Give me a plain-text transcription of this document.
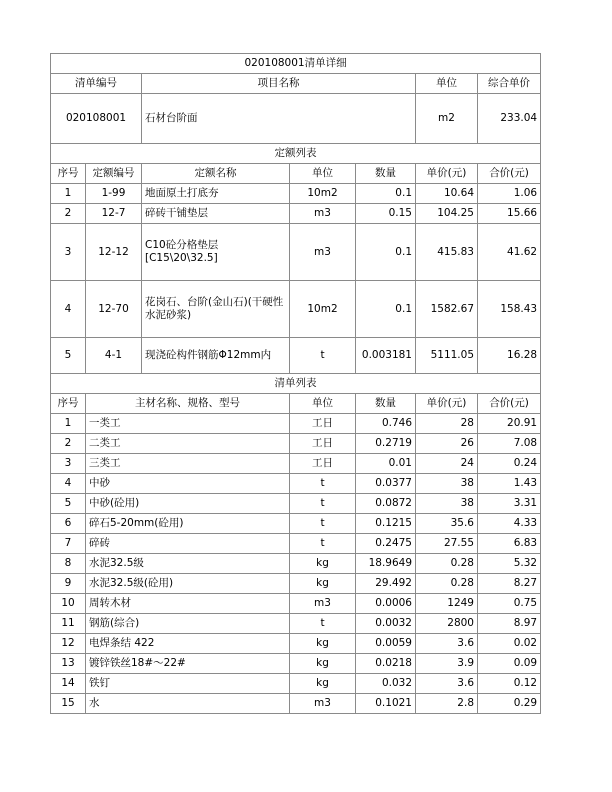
020108001清单详细						
清单编号		项目名称			单位	综合单价
020108001		石材台阶面			m2	233.04
定额列表						
序号	定额编号	定额名称	单位	数量	单价(元)	合价(元)
1	1-99	地面原土打底夯	10m2	0.1	10.64	1.06
2	12-7	碎砖干铺垫层	m3	0.15	104.25	15.66
3	12-12	C10砼分格垫层[C15\20\32.5]	m3	0.1	415.83	41.62
4	12-70	花岗石、台阶(金山石)(干硬性水泥砂浆)	10m2	0.1	1582.67	158.43
5	4-1	现浇砼构件钢筋Φ12mm内	t	0.003181	5111.05	16.28
清单列表						
序号	主材名称、规格、型号		单位	数量	单价(元)	合价(元)
1	一类工		工日	0.746	28	20.91
2	二类工		工日	0.2719	26	7.08
3	三类工		工日	0.01	24	0.24
4	中砂		t	0.0377	38	1.43
5	中砂(砼用)		t	0.0872	38	3.31
6	碎石5-20mm(砼用)		t	0.1215	35.6	4.33
7	碎砖		t	0.2475	27.55	6.83
8	水泥32.5级		kg	18.9649	0.28	5.32
9	水泥32.5级(砼用)		kg	29.492	0.28	8.27
10	周转木材		m3	0.0006	1249	0.75
11	钢筋(综合)		t	0.0032	2800	8.97
12	电焊条结 422		kg	0.0059	3.6	0.02
13	镀锌铁丝18#～22#		kg	0.0218	3.9	0.09
14	铁钉		kg	0.032	3.6	0.12
15	水		m3	0.1021	2.8	0.29
